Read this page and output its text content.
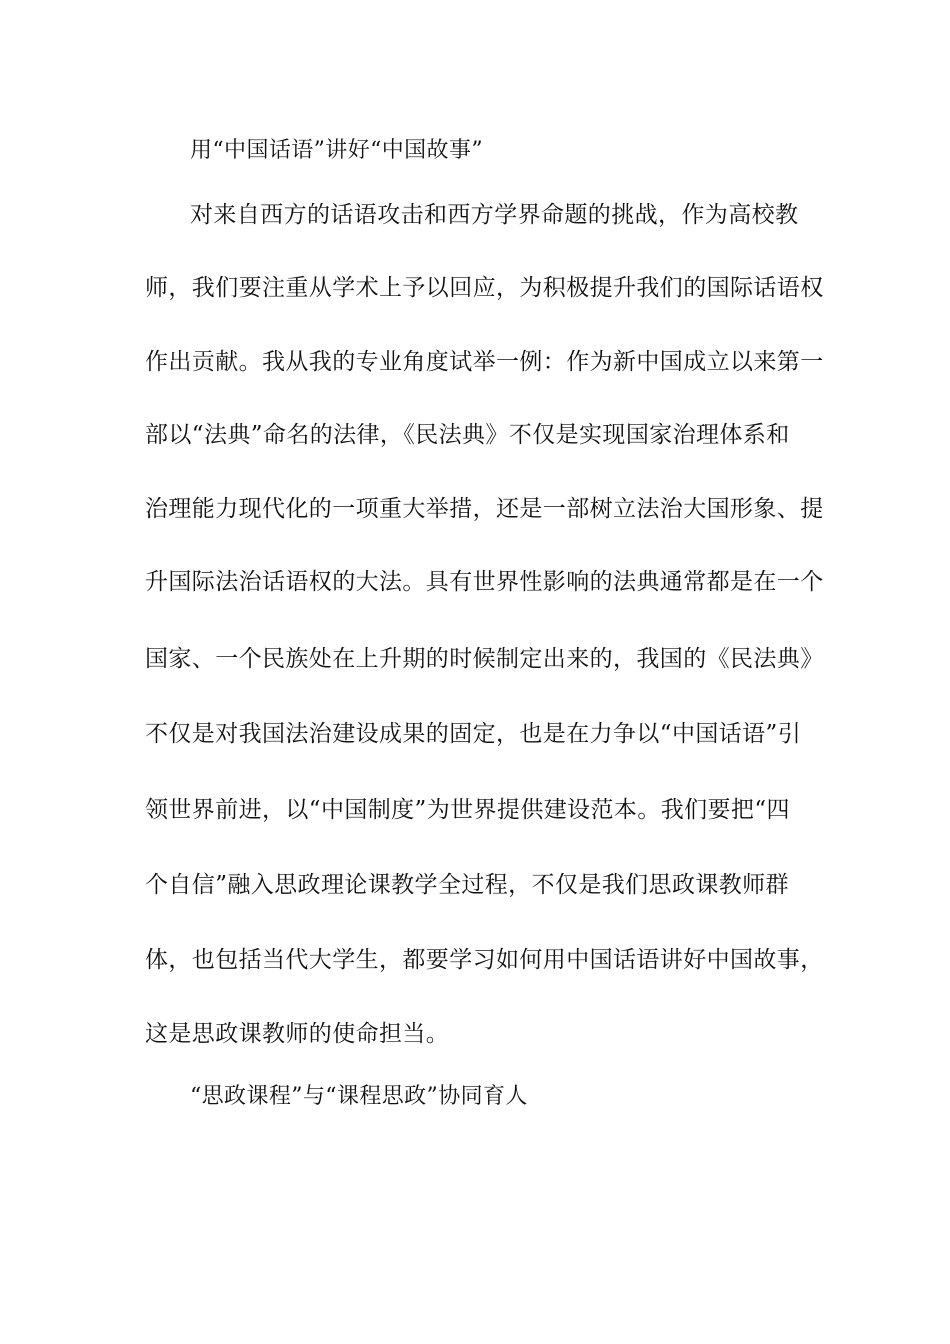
用“中国话语”讲好“中国故事”
对来自西方的话语攻击和西方学界命题的挑战，作为高校教
师，我们要注重从学术上予以回应，为积极提升我们的国际话语权
作出贡献。我从我的专业角度试举一例：作为新中国成立以来第一
部以“法典”命名的法律，《民法典》不仅是实现国家治理体系和
治理能力现代化的一项重大举措，还是一部树立法治大国形象、提
升国际法治话语权的大法。具有世界性影响的法典通常都是在一个
国家、一个民族处在上升期的时候制定出来的，我国的《民法典》
不仅是对我国法治建设成果的固定，也是在力争以“中国话语”引
领世界前进，以“中国制度”为世界提供建设范本。我们要把“四
个自信”融入思政理论课教学全过程，不仅是我们思政课教师群
体，也包括当代大学生，都要学习如何用中国话语讲好中国故事，
这是思政课教师的使命担当。
“思政课程”与“课程思政”协同育人
